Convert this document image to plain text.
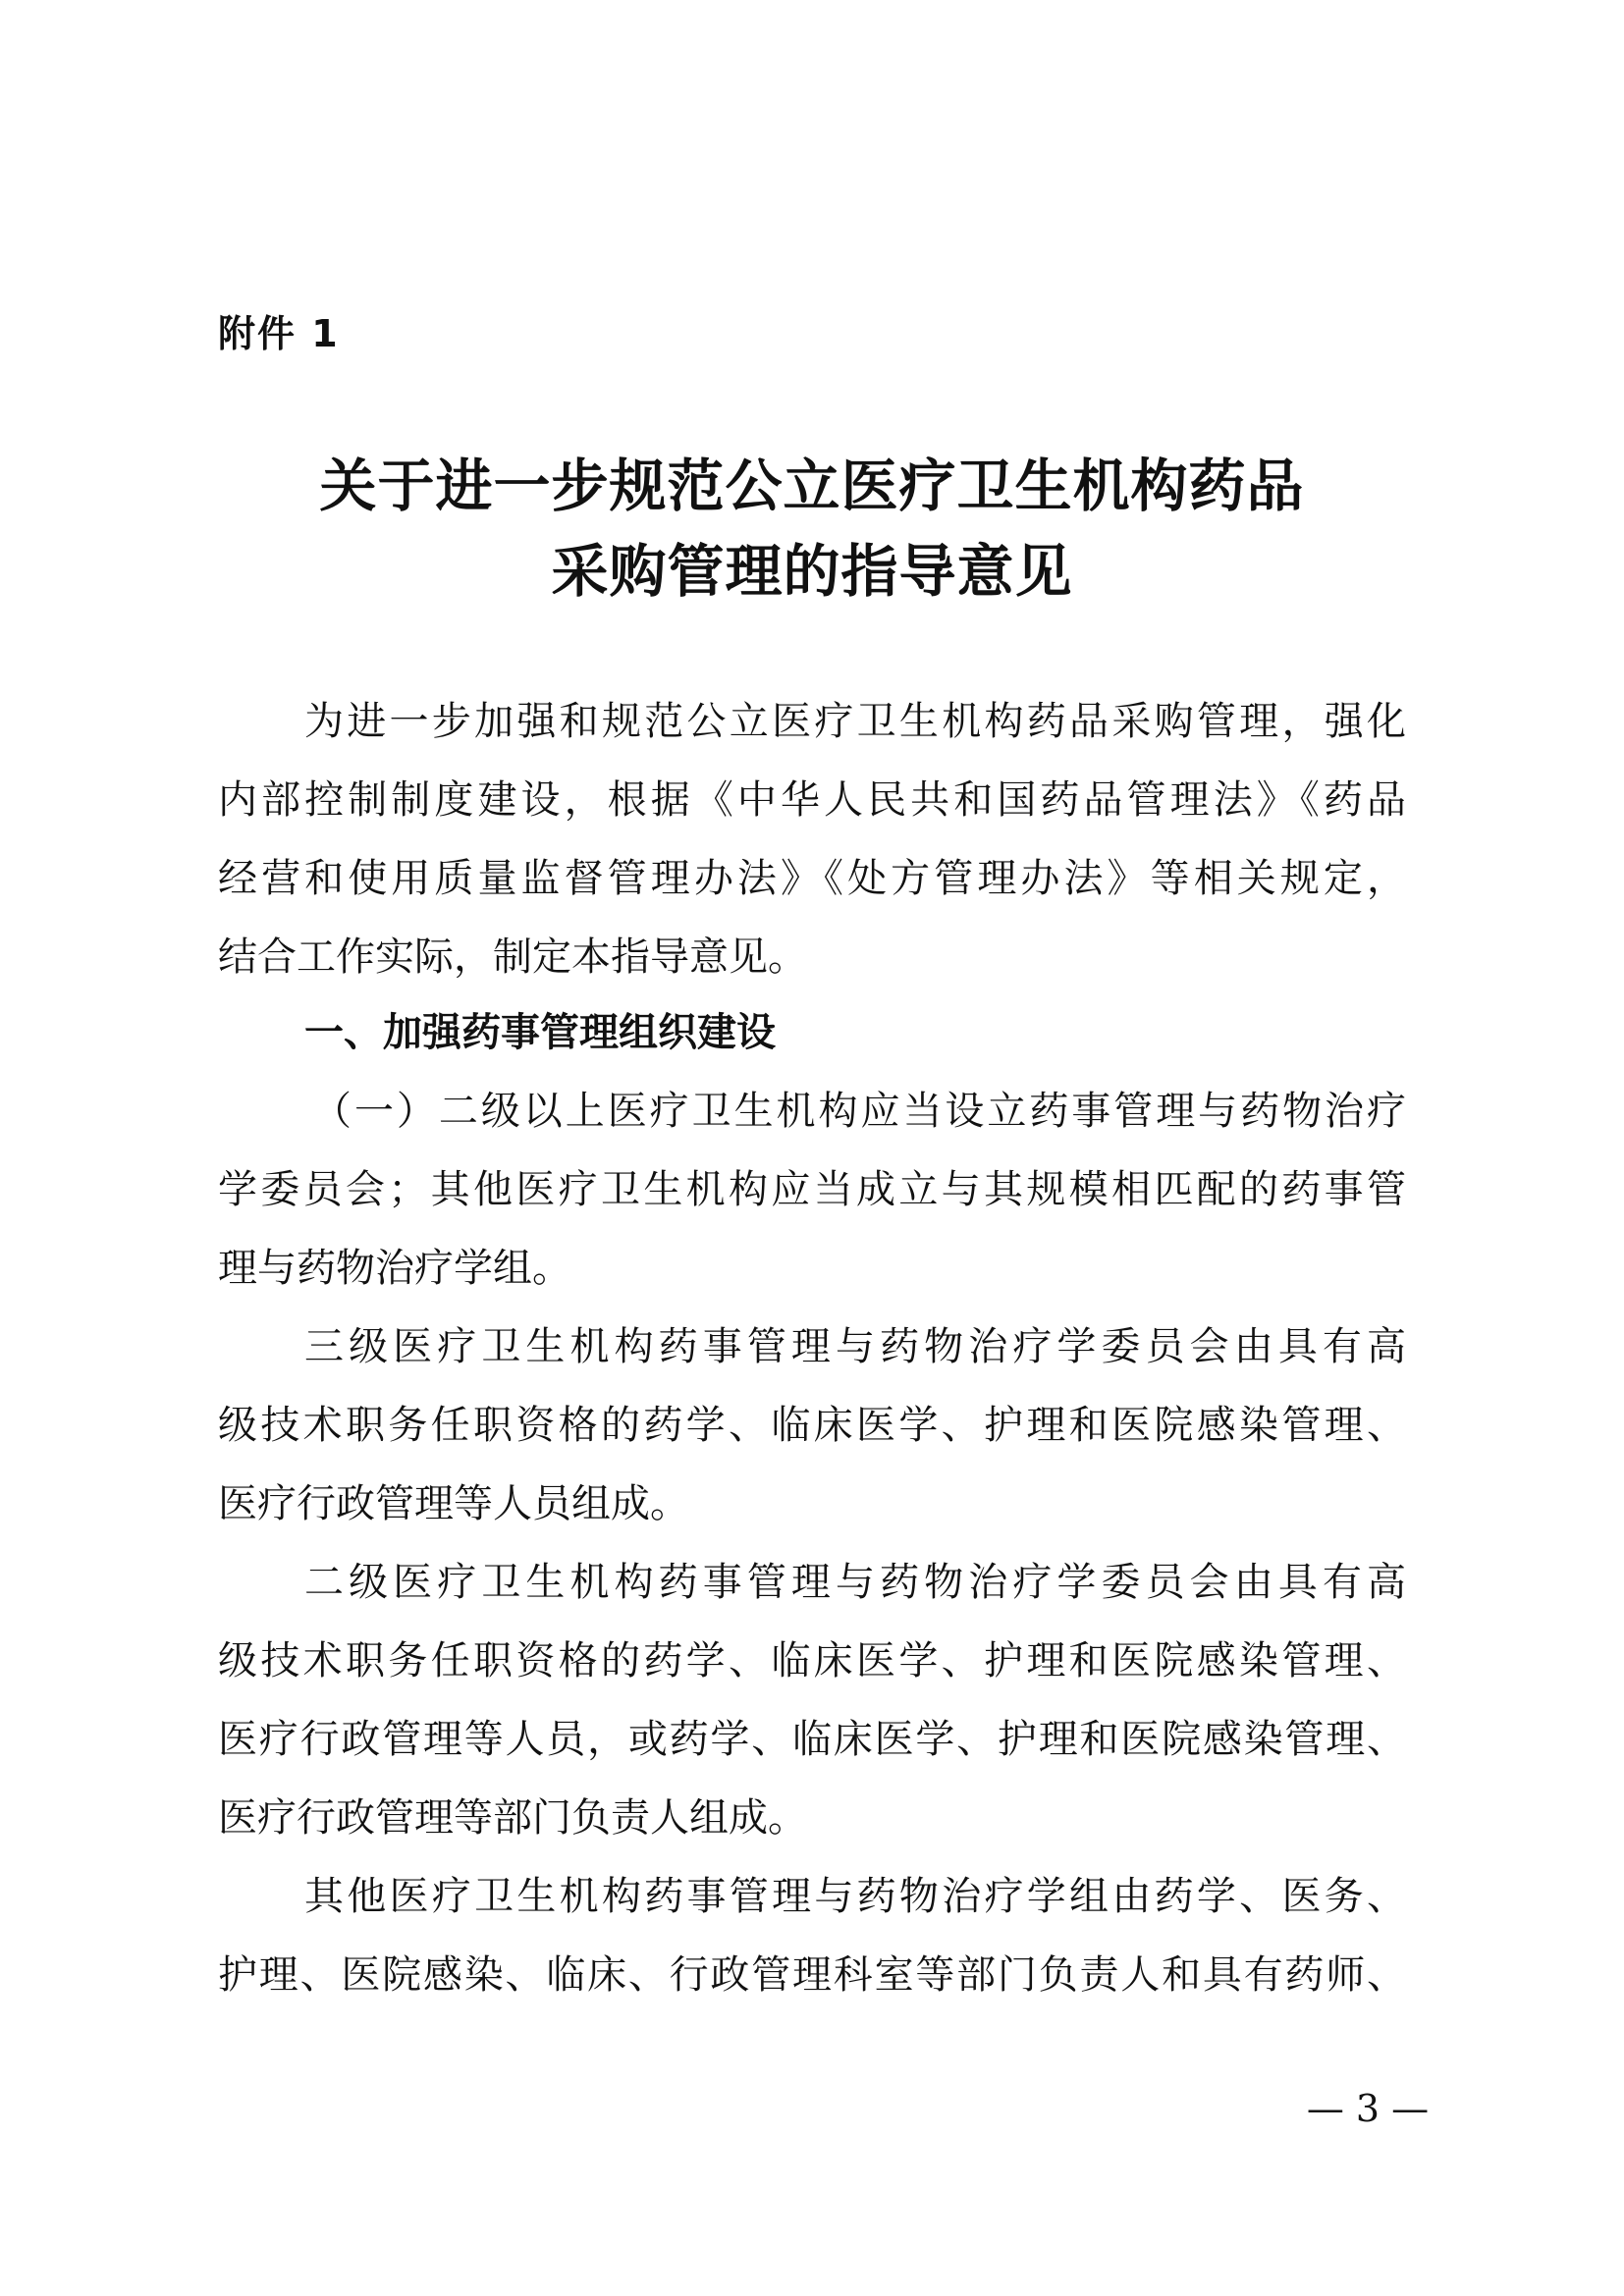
附件 1
关于进一步规范公立医疗卫生机构药品
采购管理的指导意见
为进一步加强和规范公立医疗卫生机构药品采购管理，强化
内部控制制度建设，根据《中华人民共和国药品管理法》《药品
经营和使用质量监督管理办法》《处方管理办法》等相关规定，
结合工作实际，制定本指导意见。
一、加强药事管理组织建设
（一）二级以上医疗卫生机构应当设立药事管理与药物治疗
学委员会；其他医疗卫生机构应当成立与其规模相匹配的药事管
理与药物治疗学组。
三级医疗卫生机构药事管理与药物治疗学委员会由具有高
级技术职务任职资格的药学、临床医学、护理和医院感染管理、
医疗行政管理等人员组成。
二级医疗卫生机构药事管理与药物治疗学委员会由具有高
级技术职务任职资格的药学、临床医学、护理和医院感染管理、
医疗行政管理等人员，或药学、临床医学、护理和医院感染管理、
医疗行政管理等部门负责人组成。
其他医疗卫生机构药事管理与药物治疗学组由药学、医务、
护理、医院感染、临床、行政管理科室等部门负责人和具有药师、
— 3 —
